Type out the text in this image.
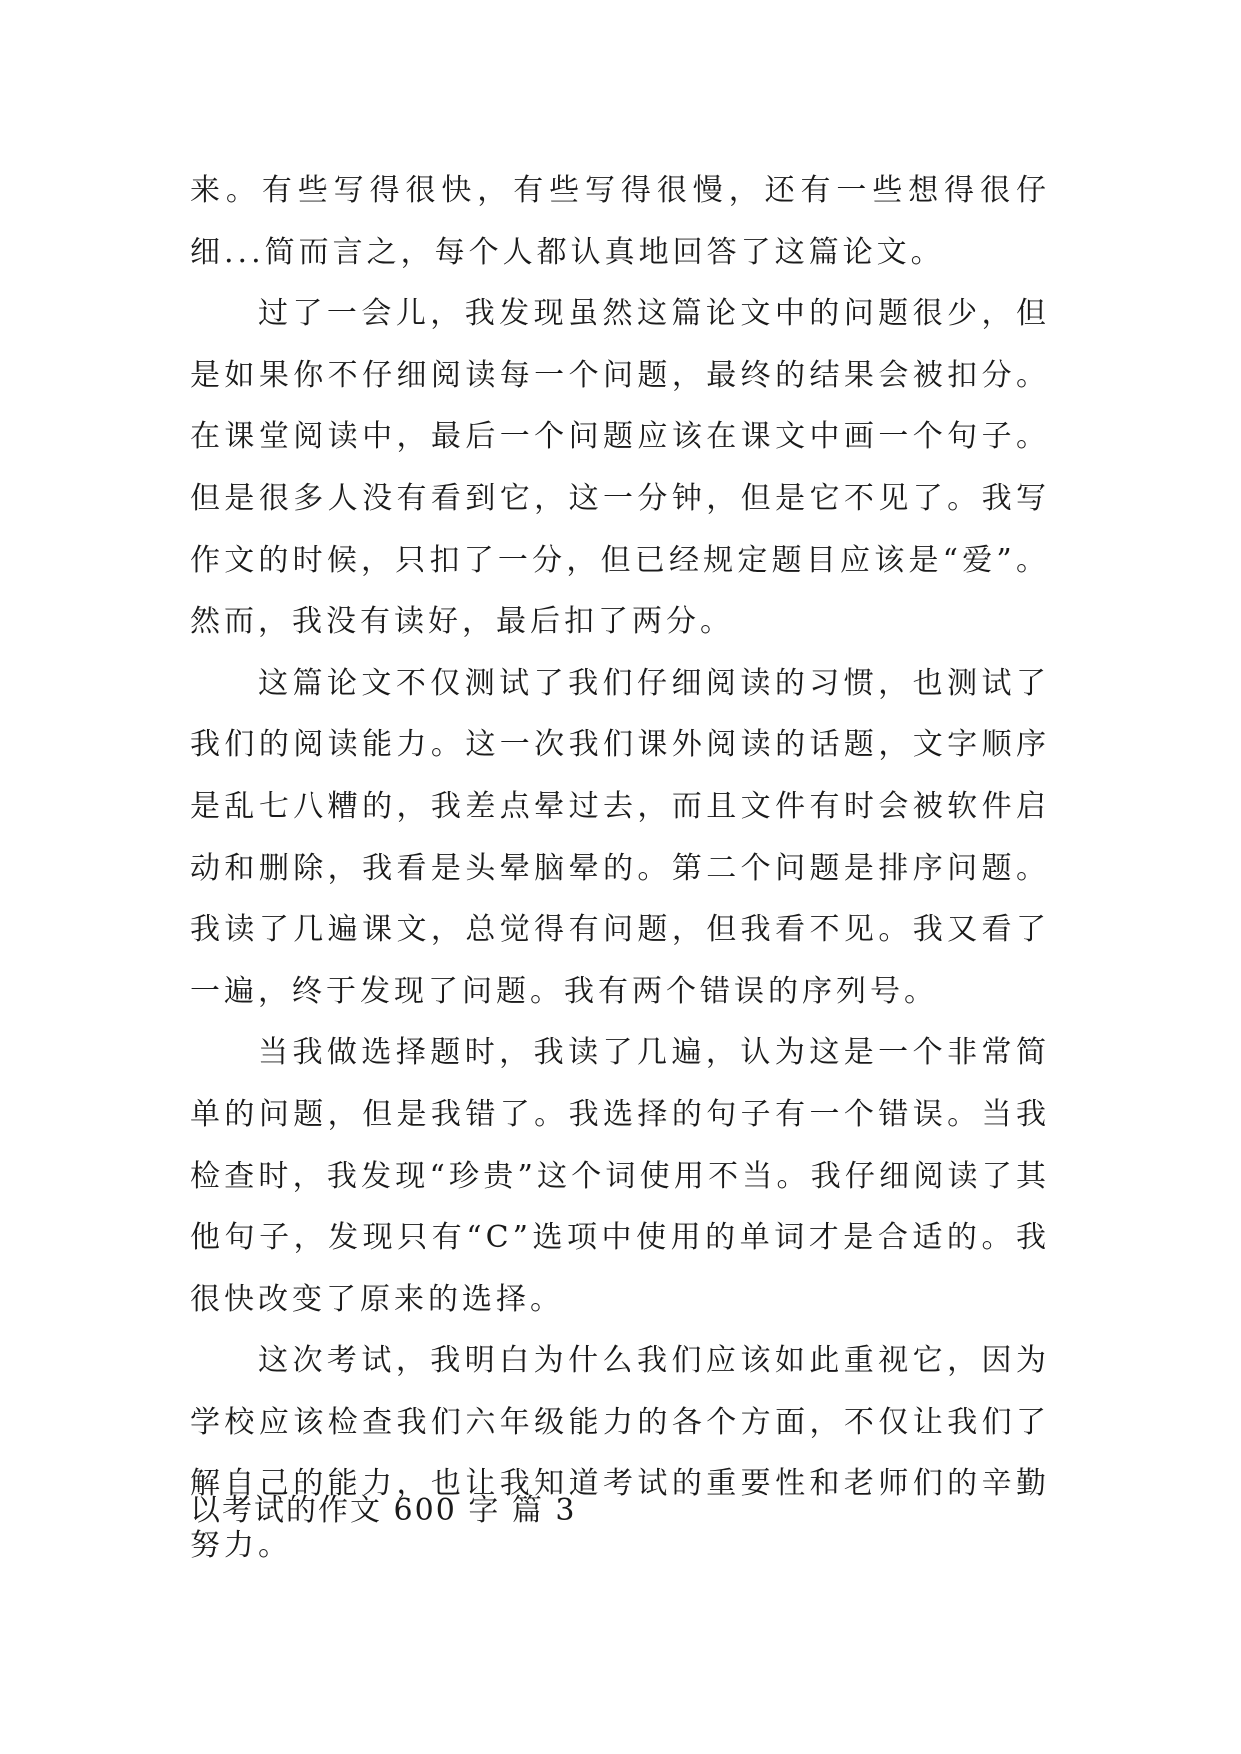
来。有些写得很快，有些写得很慢，还有一些想得很仔细...简而言之，每个人都认真地回答了这篇论文。

过了一会儿，我发现虽然这篇论文中的问题很少，但是如果你不仔细阅读每一个问题，最终的结果会被扣分。在课堂阅读中，最后一个问题应该在课文中画一个句子。但是很多人没有看到它，这一分钟，但是它不见了。我写作文的时候，只扣了一分，但已经规定题目应该是“爱”。然而，我没有读好，最后扣了两分。

这篇论文不仅测试了我们仔细阅读的习惯，也测试了我们的阅读能力。这一次我们课外阅读的话题，文字顺序是乱七八糟的，我差点晕过去，而且文件有时会被软件启动和删除，我看是头晕脑晕的。第二个问题是排序问题。我读了几遍课文，总觉得有问题，但我看不见。我又看了一遍，终于发现了问题。我有两个错误的序列号。

当我做选择题时，我读了几遍，认为这是一个非常简单的问题，但是我错了。我选择的句子有一个错误。当我检查时，我发现“珍贵”这个词使用不当。我仔细阅读了其他句子，发现只有“C”选项中使用的单词才是合适的。我很快改变了原来的选择。

这次考试，我明白为什么我们应该如此重视它，因为学校应该检查我们六年级能力的各个方面，不仅让我们了解自己的能力，也让我知道考试的重要性和老师们的辛勤努力。

以考试的作文 600 字 篇 3
